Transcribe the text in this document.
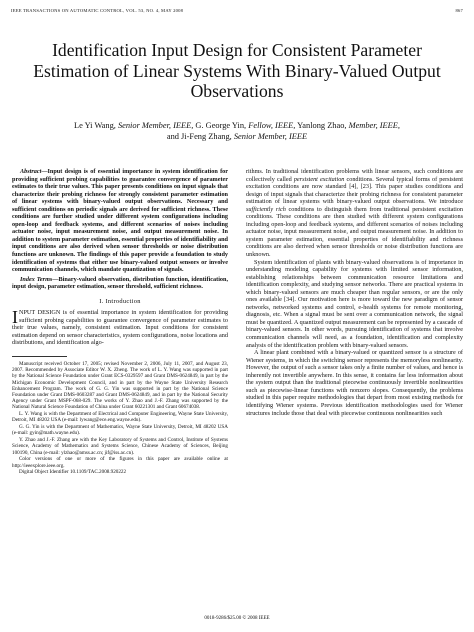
IEEE TRANSACTIONS ON AUTOMATIC CONTROL, VOL. 53, NO. 4, MAY 2008	867
Identification Input Design for Consistent Parameter Estimation of Linear Systems With Binary-Valued Output Observations
Le Yi Wang, Senior Member, IEEE, G. George Yin, Fellow, IEEE, Yanlong Zhao, Member, IEEE,
and Ji-Feng Zhang, Senior Member, IEEE

Abstract—Input design is of essential importance in system identification for providing sufficient probing capabilities to guarantee convergence of parameter estimates to their true values. This paper presents conditions on input signals that characterize their probing richness for strongly consistent parameter estimation of linear systems with binary-valued output observations. Necessary and sufficient conditions on periodic signals are derived for sufficient richness. These conditions are further studied under different system configurations including open-loop and feedback systems, and different scenarios of noises including actuator noise, input measurement noise, and output measurement noise. In addition to system parameter estimation, essential properties of identifiability and input conditions are also derived when sensor thresholds or noise distribution functions are unknown. The findings of this paper provide a foundation to study identification of systems that either use binary-valued output sensors or involve communication channels, which mandate quantization of signals.

Index Terms—Binary-valued observation, distribution function, identification, input design, parameter estimation, sensor threshold, sufficient richness.

I. Introduction

INPUT DESIGN is of essential importance in system identification for providing sufficient probing capabilities to guarantee convergence of parameter estimates to their true values, namely, consistent estimation. Input conditions for consistent estimation depend on sensor characteristics, system configurations, noise locations and distributions, and identification algo-

Manuscript received October 17, 2005; revised November 2, 2006, July 11, 2007, and August 23, 2007. Recommended by Associate Editor W. X. Zheng. The work of L. Y. Wang was supported in part by the National Science Foundation under Grant ECS-0329597 and Grant DMS-0624849, in part by the Michigan Economic Development Council, and in part by the Wayne State University Research Enhancement Program. The work of G. G. Yin was supported in part by the National Science Foundation under Grant DMS-0603287 and Grant DMS-0624849, and in part by the National Security Agency under Grant MSPF-068-029. The works of Y. Zhao and J.-F. Zhang was supported by the National Natural Science Foundation of China under Grant 60221301 and Grant 60674038.

L. Y. Wang is with the Department of Electrical and Computer Engineering, Wayne State University, Detroit, MI 48202 USA (e-mail: lywang@ece.eng.wayne.edu).

G. G. Yin is with the Department of Mathematics, Wayne State University, Detroit, MI 48202 USA (e-mail: gyin@math.wayne.edu).

Y. Zhao and J.-F. Zhang are with the Key Laboratory of Systems and Control, Institute of Systems Science, Academy of Mathematics and Systems Science, Chinese Academy of Sciences, Beijing 100190, China (e-mail: ylzhao@amss.ac.cn; jif@iss.ac.cn).

Color versions of one or more of the figures in this paper are available online at http://ieeexplore.ieee.org.

Digital Object Identifier 10.1109/TAC.2008.920222

rithms. In traditional identification problems with linear sensors, such conditions are collectively called persistent excitation conditions. Several typical forms of persistent excitation conditions are now standard [4], [23]. This paper studies conditions and design of input signals that characterize their probing richness for consistent parameter estimation of linear systems with binary-valued output observations. We introduce sufficiently rich conditions to distinguish them from traditional persistent excitation conditions. These conditions are then studied with different system configurations including open-loop and feedback systems, and different scenarios of noises including actuator noise, input measurement noise, and output measurement noise. In addition to system parameter estimation, essential properties of identifiability and richness conditions are also derived when sensor thresholds or noise distribution functions are unknown.

System identification of plants with binary-valued observations is of importance in understanding modeling capability for systems with limited sensor information, establishing relationships between communication resource limitations and identification complexity, and studying sensor networks. There are practical systems in which binary-valued sensors are much cheaper than regular sensors, or are the only ones available [34]. Our motivation here is more toward the new paradigm of sensor networks, networked systems and control, e-health systems for remote monitoring, diagnosis, etc. When a signal must be sent over a communication network, the signal must be quantized. A quantized output measurement can be represented by a cascade of binary-valued sensors. In other words, pursuing identification of systems that involve communication channels will need, as a foundation, identification and complexity analysis of the identification problem with binary-valued sensors.

A linear plant combined with a binary-valued or quantized sensor is a structure of Wiener systems, in which the switching sensor represents the memoryless nonlinearity. However, the output of such a sensor takes only a finite number of values, and hence is inherently not invertible anywhere. In this sense, it contains far less information about the system output than the traditional piecewise continuously invertible nonlinearities such as piecewise-linear functions with nonzero slopes. Consequently, the problems studied in this paper require methodologies that depart from most existing methods for identifying Wiener systems. Previous identification methodologies used for Wiener structures include those that deal with piecewise continuous nonlinearities such

0018-9286/$25.00 © 2008 IEEE
